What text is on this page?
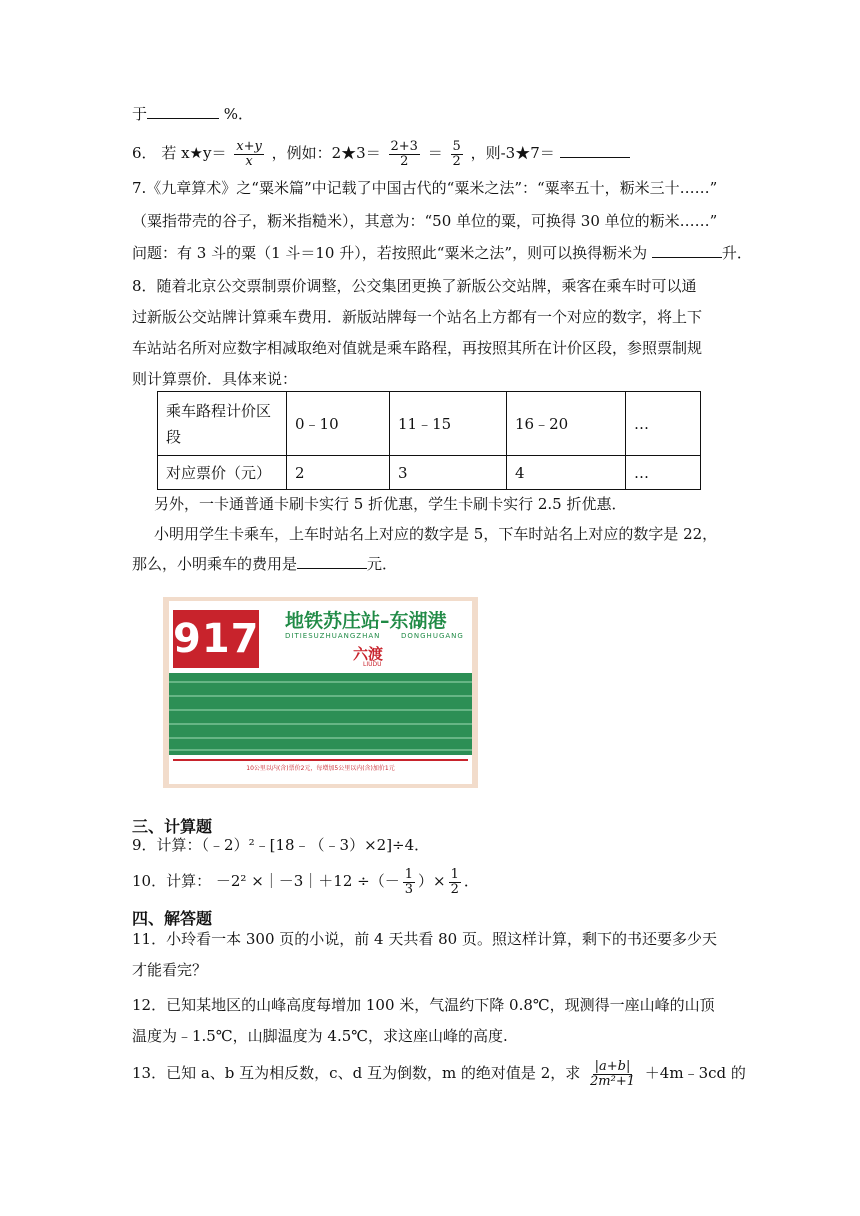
于	%．
6． 若 x★y＝ $\frac{x+y}{x}$ ，例如：2★3＝ $\frac{2+3}{2} = \frac{5}{2}$ ，则-3★7＝
7.《九章算术》之“粟米篇”中记载了中国古代的“粟米之法”：“粟率五十，粝米三十……”
（粟指带壳的谷子，粝米指糙米），其意为：“50 单位的粟，可换得 30 单位的粝米……”
问题：有 3 斗的粟（1 斗＝10 升），若按照此“粟米之法”，则可以换得粝米为	升．
8．随着北京公交票制票价调整，公交集团更换了新版公交站牌，乘客在乘车时可以通
过新版公交站牌计算乘车费用．新版站牌每一个站名上方都有一个对应的数字，将上下
车站站名所对应数字相减取绝对值就是乘车路程，再按照其所在计价区段，参照票制规
则计算票价．具体来说：
乘车路程计价区段	0﹣10	11﹣15	16﹣20	…
对应票价（元）	2	3	4	…
另外，一卡通普通卡刷卡实行 5 折优惠，学生卡刷卡实行 2.5 折优惠．
小明用学生卡乘车，上车时站名上对应的数字是 5，下车时站名上对应的数字是 22，
那么，小明乘车的费用是	元．
917 地铁苏庄站–东湖港
DITIESUZHUANGZHAN	DONGHUGANG
六渡
LIUDU
10公里以内(含)票价2元，每增加5公里以内(含)加价1元
三、计算题
9．计算：（﹣2）²﹣[18﹣（﹣3）×2]÷4．
10．计算： －2² ×｜－3｜＋12 ÷（－ $\frac{1}{3}$ ）× $\frac{1}{2}$ ．
四、解答题
11．小玲看一本 300 页的小说，前 4 天共看 80 页。照这样计算，剩下的书还要多少天
才能看完？
12．已知某地区的山峰高度每增加 100 米，气温约下降 0.8℃，现测得一座山峰的山顶
温度为﹣1.5℃，山脚温度为 4.5℃，求这座山峰的高度.
13．已知 a、b 互为相反数，c、d 互为倒数，m 的绝对值是 2，求 $\frac{|a+b|}{\text{2m²+1}}$ ＋4m﹣3cd 的
